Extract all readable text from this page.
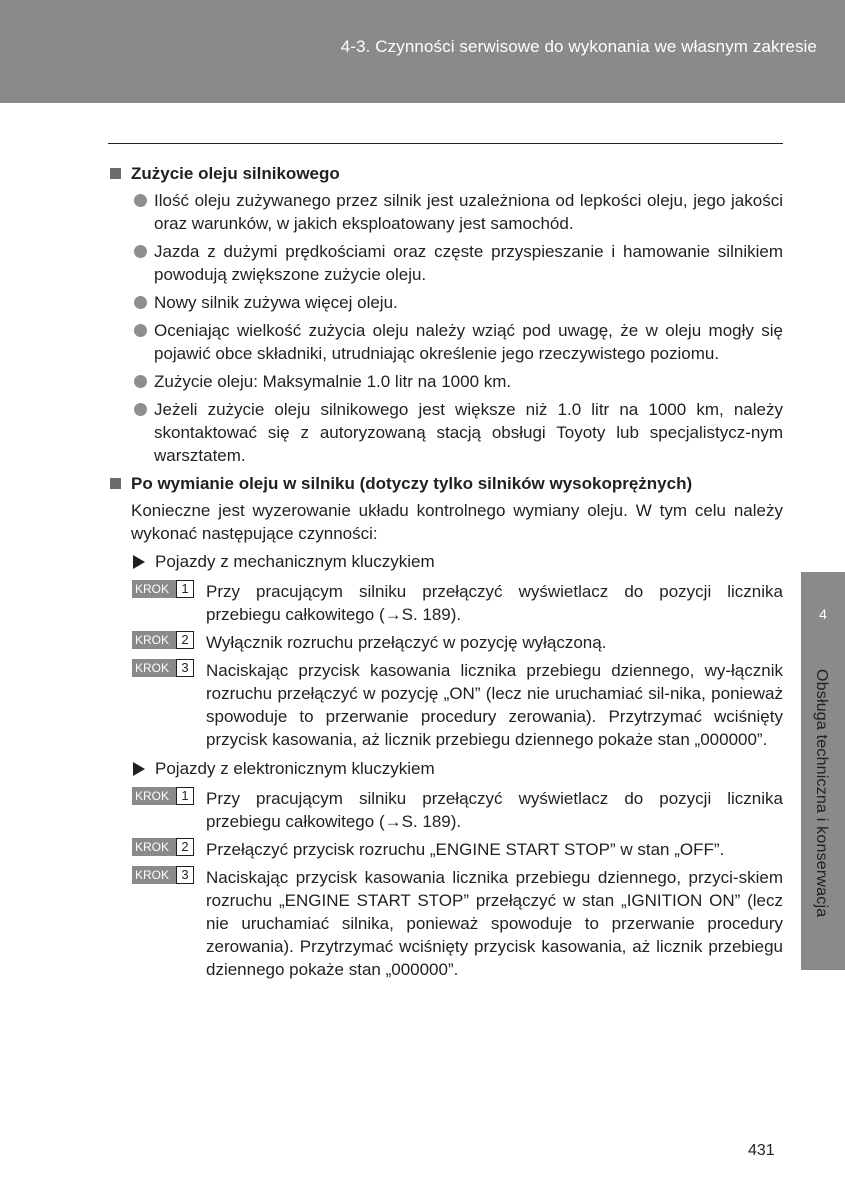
4-3. Czynności serwisowe do wykonania we własnym zakresie
Zużycie oleju silnikowego
Ilość oleju zużywanego przez silnik jest uzależniona od lepkości oleju, jego jakości oraz warunków, w jakich eksploatowany jest samochód.
Jazda z dużymi prędkościami oraz częste przyspieszanie i hamowanie silnikiem powodują zwiększone zużycie oleju.
Nowy silnik zużywa więcej oleju.
Oceniając wielkość zużycia oleju należy wziąć pod uwagę, że w oleju mogły się pojawić obce składniki, utrudniając określenie jego rzeczywistego poziomu.
Zużycie oleju: Maksymalnie 1.0 litr na 1000 km.
Jeżeli zużycie oleju silnikowego jest większe niż 1.0 litr na 1000 km, należy skontaktować się z autoryzowaną stacją obsługi Toyoty lub specjalistycz-nym warsztatem.
Po wymianie oleju w silniku (dotyczy tylko silników wysokoprężnych)
Konieczne jest wyzerowanie układu kontrolnego wymiany oleju. W tym celu należy wykonać następujące czynności:
Pojazdy z mechanicznym kluczykiem
KROK 1	Przy pracującym silniku przełączyć wyświetlacz do pozycji licznika przebiegu całkowitego (→S. 189).
KROK 2	Wyłącznik rozruchu przełączyć w pozycję wyłączoną.
KROK 3	Naciskając przycisk kasowania licznika przebiegu dziennego, wy-łącznik rozruchu przełączyć w pozycję „ON” (lecz nie uruchamiać sil-nika, ponieważ spowoduje to przerwanie procedury zerowania). Przytrzymać wciśnięty przycisk kasowania, aż licznik przebiegu dziennego pokaże stan „000000”.
Pojazdy z elektronicznym kluczykiem
KROK 1	Przy pracującym silniku przełączyć wyświetlacz do pozycji licznika przebiegu całkowitego (→S. 189).
KROK 2	Przełączyć przycisk rozruchu „ENGINE START STOP” w stan „OFF”.
KROK 3	Naciskając przycisk kasowania licznika przebiegu dziennego, przyci-skiem rozruchu „ENGINE START STOP” przełączyć w stan „IGNITION ON” (lecz nie uruchamiać silnika, ponieważ spowoduje to przerwanie procedury zerowania). Przytrzymać wciśnięty przycisk kasowania, aż licznik przebiegu dziennego pokaże stan „000000”.
4
Obsługa techniczna i konserwacja
431
